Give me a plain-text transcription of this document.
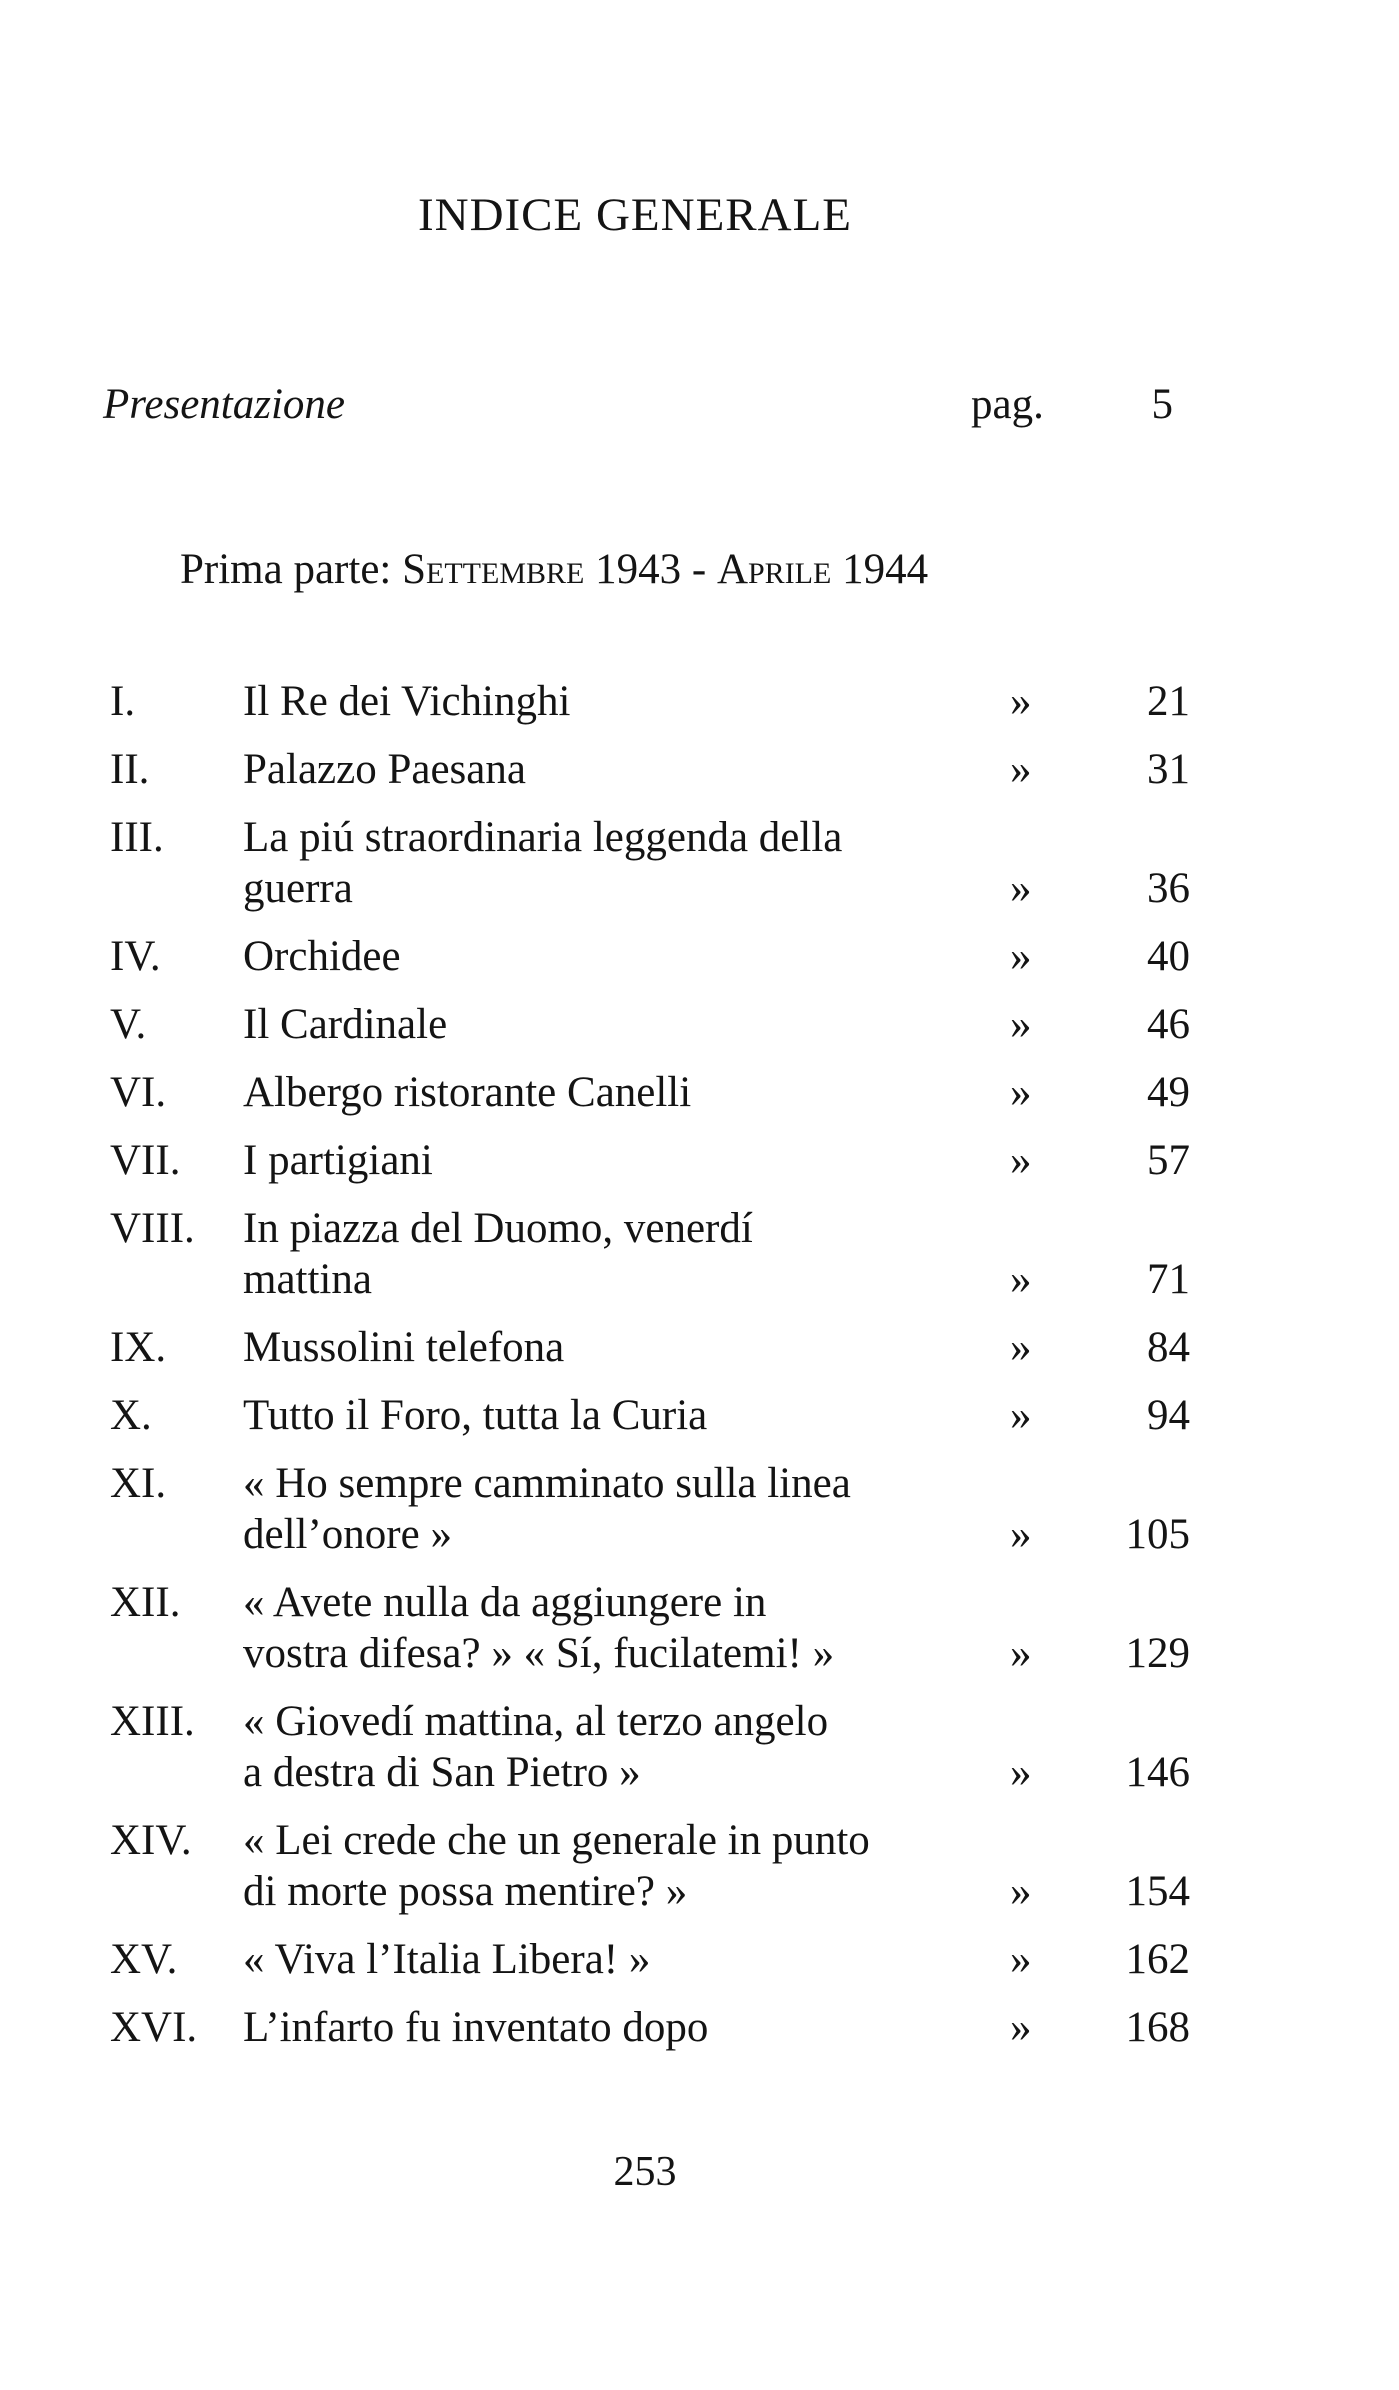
INDICE GENERALE
Presentazione	pag.	5
Prima parte: Settembre 1943 - Aprile 1944
I.	Il Re dei Vichinghi	»	21
II.	Palazzo Paesana	»	31
III.	La piú straordinaria leggenda della
guerra	»	36
IV.	Orchidee	»	40
V.	Il Cardinale	»	46
VI.	Albergo ristorante Canelli	»	49
VII.	I partigiani	»	57
VIII.	In piazza del Duomo, venerdí
mattina	»	71
IX.	Mussolini telefona	»	84
X.	Tutto il Foro, tutta la Curia	»	94
XI.	« Ho sempre camminato sulla linea
dell’onore »	» 105
XII.	« Avete nulla da aggiungere in
vostra difesa? » « Sí, fucilatemi! »	» 129
XIII.	« Giovedí mattina, al terzo angelo
a destra di San Pietro »	» 146
XIV.	« Lei crede che un generale in punto
di morte possa mentire? »	» 154
XV.	« Viva l’Italia Libera! »	» 162
XVI.	L’infarto fu inventato dopo	» 168
253
